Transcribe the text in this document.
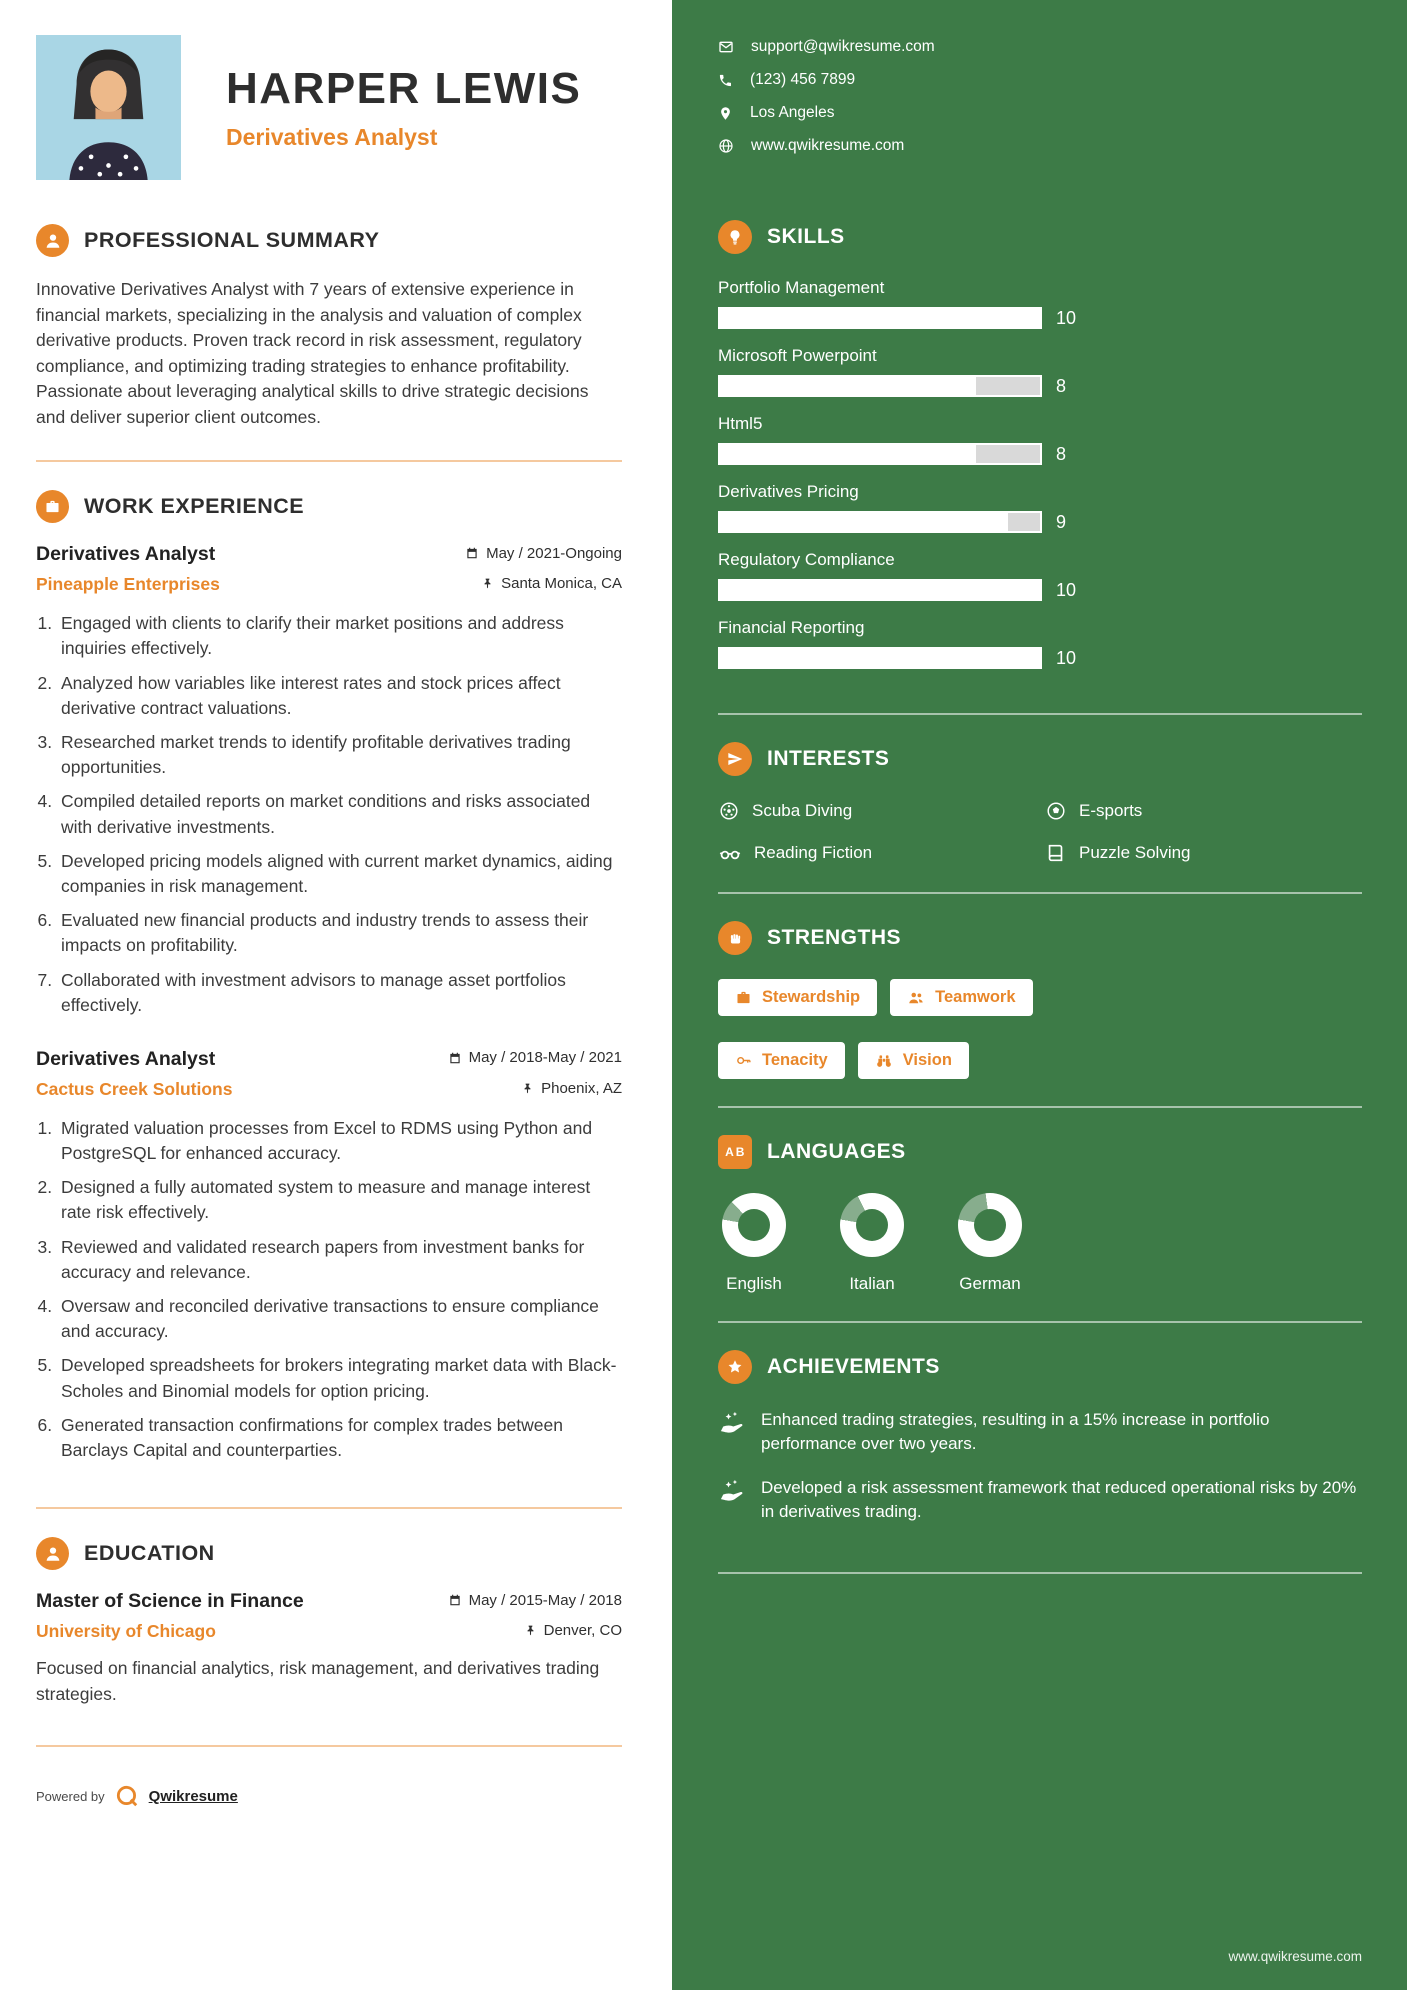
HARPER LEWIS
Derivatives Analyst
PROFESSIONAL SUMMARY

Innovative Derivatives Analyst with 7 years of extensive experience in financial markets, specializing in the analysis and valuation of complex derivative products. Proven track record in risk assessment, regulatory compliance, and optimizing trading strategies to enhance profitability. Passionate about leveraging analytical skills to drive strategic decisions and deliver superior client outcomes.

WORK EXPERIENCE
Derivatives Analyst	May / 2021-Ongoing
Pineapple Enterprises	Santa Monica, CA
1. Engaged with clients to clarify their market positions and address inquiries effectively.
2. Analyzed how variables like interest rates and stock prices affect derivative contract valuations.
3. Researched market trends to identify profitable derivatives trading opportunities.
4. Compiled detailed reports on market conditions and risks associated with derivative investments.
5. Developed pricing models aligned with current market dynamics, aiding companies in risk management.
6. Evaluated new financial products and industry trends to assess their impacts on profitability.
7. Collaborated with investment advisors to manage asset portfolios effectively.
Derivatives Analyst	May / 2018-May / 2021
Cactus Creek Solutions	Phoenix, AZ
1. Migrated valuation processes from Excel to RDMS using Python and PostgreSQL for enhanced accuracy.
2. Designed a fully automated system to measure and manage interest rate risk effectively.
3. Reviewed and validated research papers from investment banks for accuracy and relevance.
4. Oversaw and reconciled derivative transactions to ensure compliance and accuracy.
5. Developed spreadsheets for brokers integrating market data with Black-Scholes and Binomial models for option pricing.
6. Generated transaction confirmations for complex trades between Barclays Capital and counterparties.
EDUCATION
Master of Science in Finance	May / 2015-May / 2018
University of Chicago	Denver, CO

Focused on financial analytics, risk management, and derivatives trading strategies.

Powered by	Qwikresume
support@qwikresume.com
(123) 456 7899
Los Angeles
www.qwikresume.com
SKILLS
Portfolio Management
10
Microsoft Powerpoint
8
Html5
8
Derivatives Pricing
9
Regulatory Compliance
10
Financial Reporting
10
INTERESTS
Scuba Diving	E-sports
Reading Fiction	Puzzle Solving
STRENGTHS
Stewardship	Teamwork
Tenacity	Vision
A B	LANGUAGES
English	Italian	German
ACHIEVEMENTS
Enhanced trading strategies, resulting in a 15% increase in portfolio performance over two years.
Developed a risk assessment framework that reduced operational risks by 20% in derivatives trading.
www.qwikresume.com
